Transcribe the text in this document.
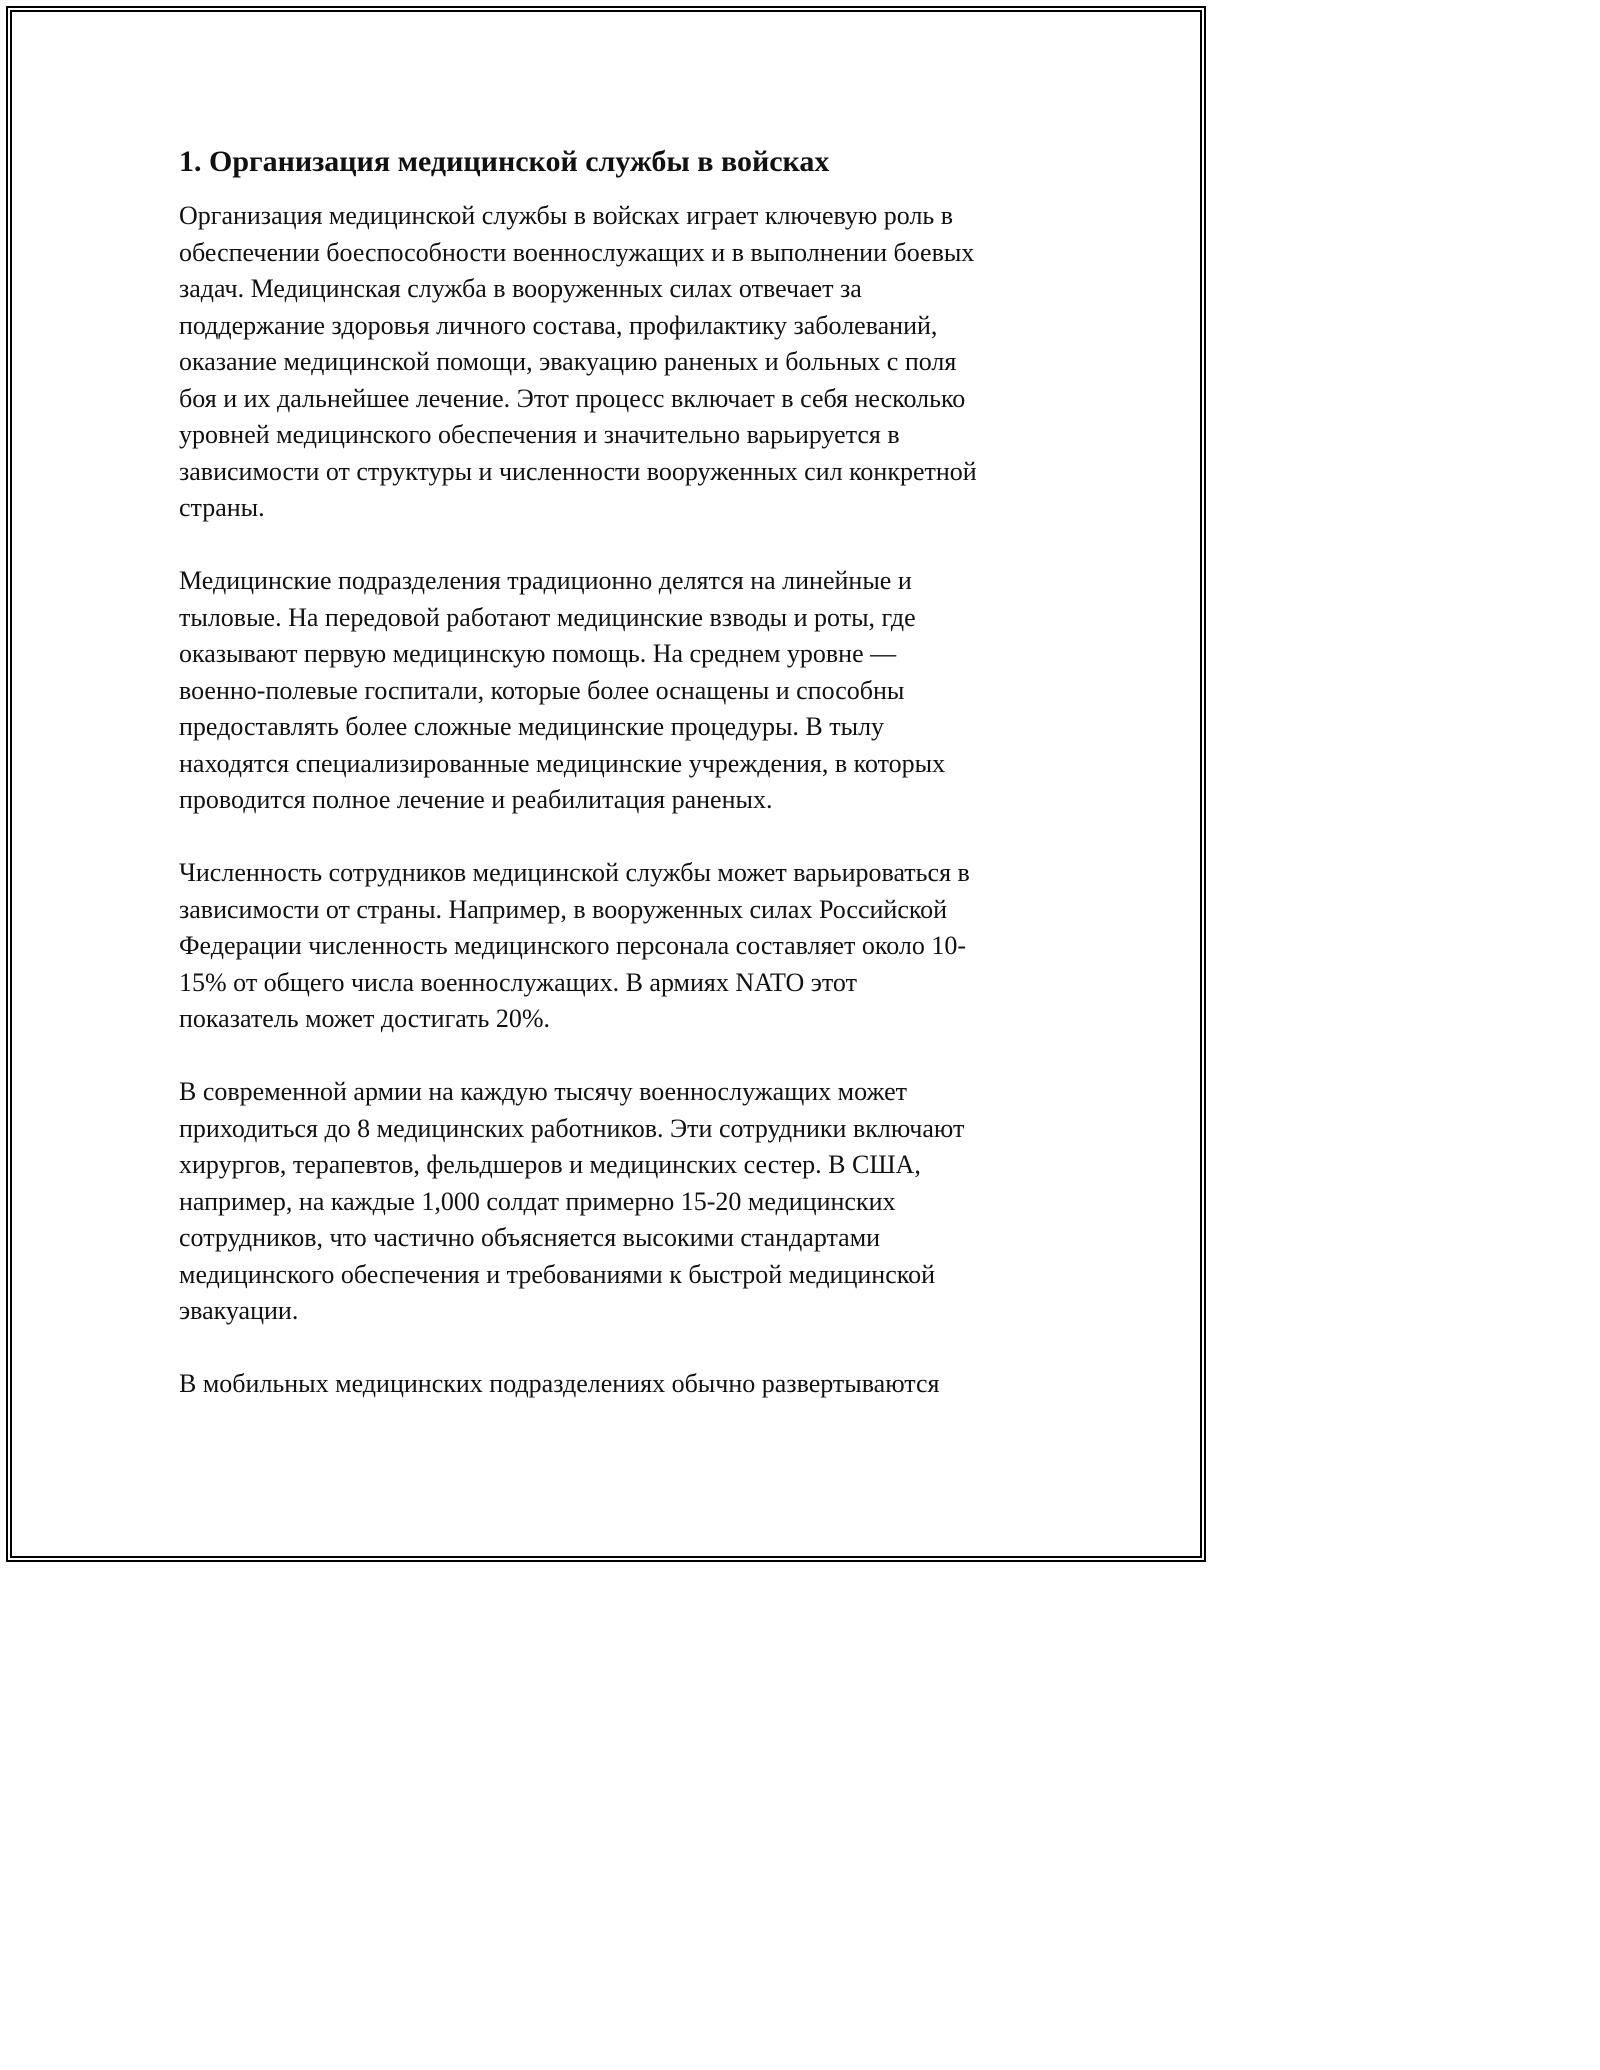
1. Организация медицинской службы в войсках

Организация медицинской службы в войсках играет ключевую роль в
обеспечении боеспособности военнослужащих и в выполнении боевых
задач. Медицинская служба в вооруженных силах отвечает за
поддержание здоровья личного состава, профилактику заболеваний,
оказание медицинской помощи, эвакуацию раненых и больных с поля
боя и их дальнейшее лечение. Этот процесс включает в себя несколько
уровней медицинского обеспечения и значительно варьируется в
зависимости от структуры и численности вооруженных сил конкретной
страны.

Медицинские подразделения традиционно делятся на линейные и
тыловые. На передовой работают медицинские взводы и роты, где
оказывают первую медицинскую помощь. На среднем уровне —
военно-полевые госпитали, которые более оснащены и способны
предоставлять более сложные медицинские процедуры. В тылу
находятся специализированные медицинские учреждения, в которых
проводится полное лечение и реабилитация раненых.

Численность сотрудников медицинской службы может варьироваться в
зависимости от страны. Например, в вооруженных силах Российской
Федерации численность медицинского персонала составляет около 10-
15% от общего числа военнослужащих. В армиях NATO этот
показатель может достигать 20%.

В современной армии на каждую тысячу военнослужащих может
приходиться до 8 медицинских работников. Эти сотрудники включают
хирургов, терапевтов, фельдшеров и медицинских сестер. В США,
например, на каждые 1,000 солдат примерно 15-20 медицинских
сотрудников, что частично объясняется высокими стандартами
медицинского обеспечения и требованиями к быстрой медицинской
эвакуации.

В мобильных медицинских подразделениях обычно развертываются
